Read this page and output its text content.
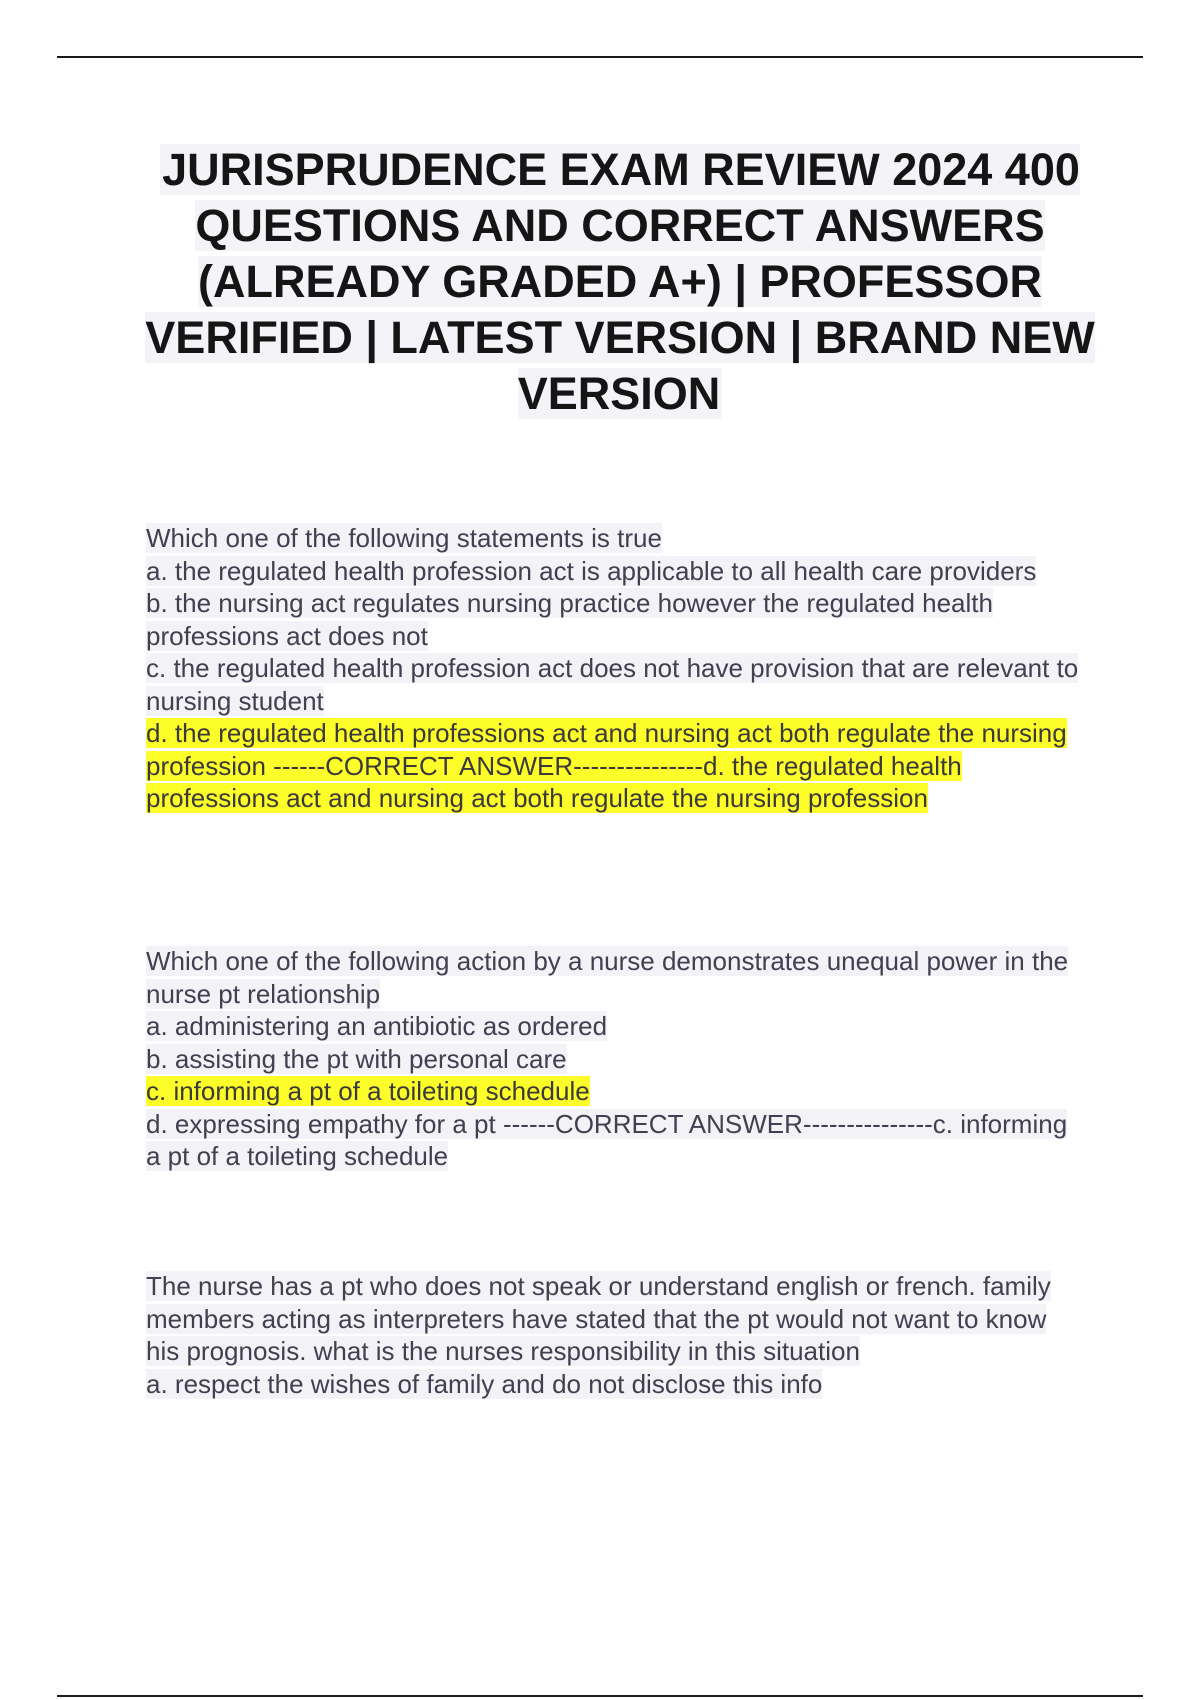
JURISPRUDENCE EXAM REVIEW 2024 400 QUESTIONS AND CORRECT ANSWERS (ALREADY GRADED A+) | PROFESSOR VERIFIED | LATEST VERSION | BRAND NEW VERSION

Which one of the following statements is true

a. the regulated health profession act is applicable to all health care providers

b. the nursing act regulates nursing practice however the regulated health professions act does not

c. the regulated health profession act does not have provision that are relevant to nursing student

d. the regulated health professions act and nursing act both regulate the nursing profession ------CORRECT ANSWER---------------d. the regulated health professions act and nursing act both regulate the nursing profession

Which one of the following action by a nurse demonstrates unequal power in the nurse pt relationship

a. administering an antibiotic as ordered

b. assisting the pt with personal care

c. informing a pt of a toileting schedule

d. expressing empathy for a pt ------CORRECT ANSWER---------------c. informing a pt of a toileting schedule

The nurse has a pt who does not speak or understand english or french. family members acting as interpreters have stated that the pt would not want to know his prognosis. what is the nurses responsibility in this situation

a. respect the wishes of family and do not disclose this info
